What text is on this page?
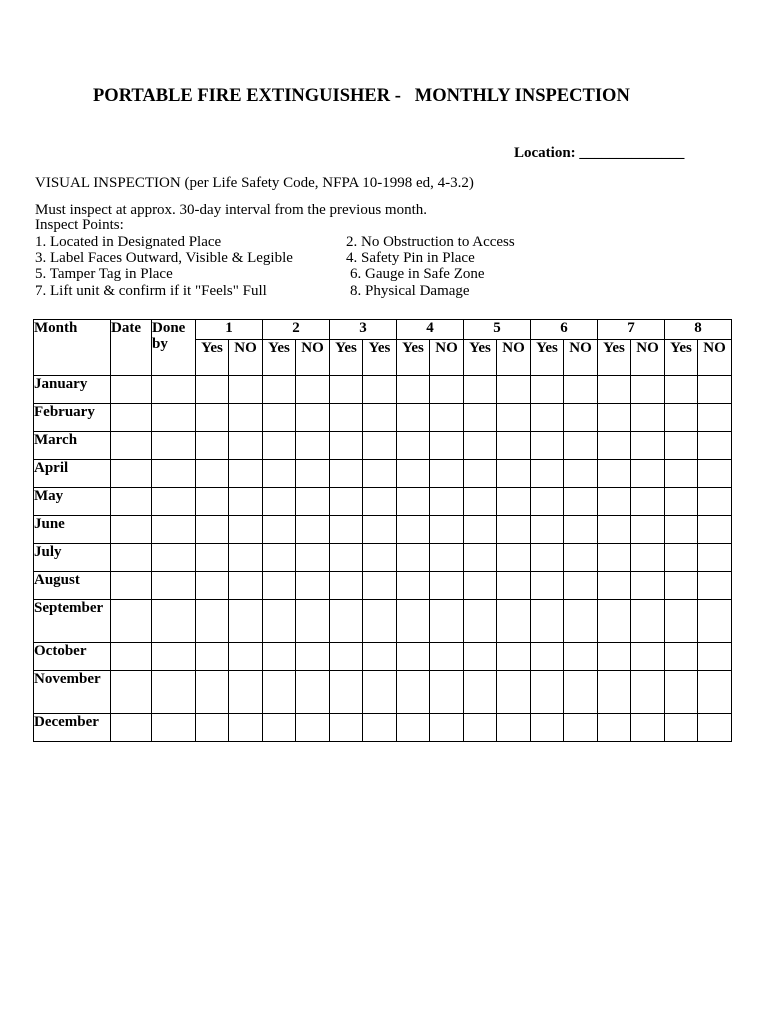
PORTABLE FIRE EXTINGUISHER -   MONTHLY INSPECTION
Location: ______________
VISUAL INSPECTION (per Life Safety Code, NFPA 10-1998 ed, 4-3.2)
Must inspect at approx. 30-day interval from the previous month.
Inspect Points:
1. Located in Designated Place	2. No Obstruction to Access
3. Label Faces Outward, Visible & Legible	4. Safety Pin in Place
5. Tamper Tag in Place	6. Gauge in Safe Zone
7. Lift unit & confirm if it "Feels" Full	8. Physical Damage
Month	Date	Done by	1		2		3		4		5		6		7		8	
			Yes	NO	Yes	NO	Yes	Yes	Yes	NO	Yes	NO	Yes	NO	Yes	NO	Yes	NO
January																		
February																		
March																		
April																		
May																		
June																		
July																		
August																		
September																		
October																		
November																		
December																		
